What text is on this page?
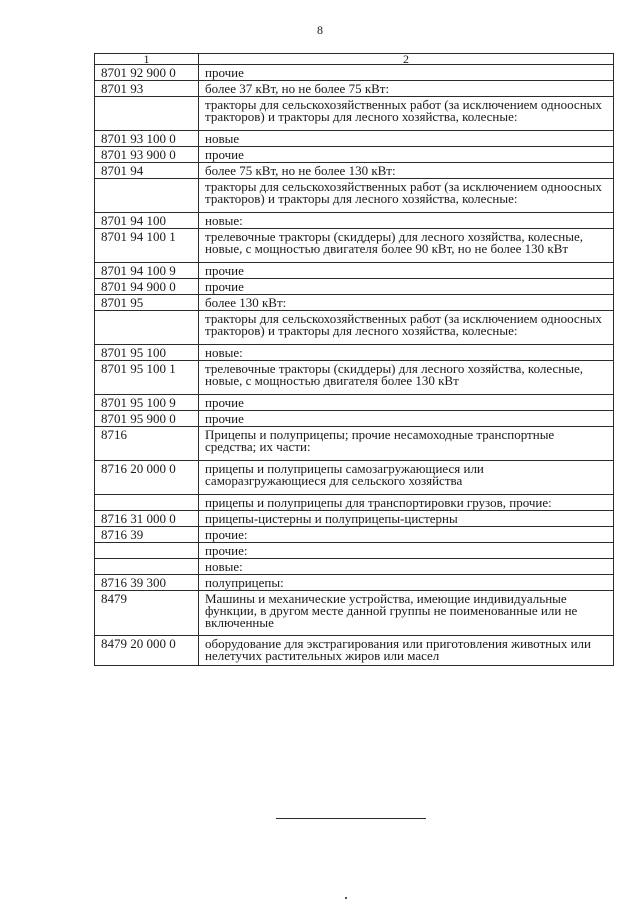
8
1	2
8701 92 900 0	прочие
8701 93	более 37 кВт, но не более 75 кВт:
	тракторы для сельскохозяйственных работ (за исключением одноосных тракторов) и тракторы для лесного хозяйства, колесные:
8701 93 100 0	новые
8701 93 900 0	прочие
8701 94	более 75 кВт, но не более 130 кВт:
	тракторы для сельскохозяйственных работ (за исключением одноосных тракторов) и тракторы для лесного хозяйства, колесные:
8701 94 100	новые:
8701 94 100 1	трелевочные тракторы (скиддеры) для лесного хозяйства, колесные, новые, с мощностью двигателя более 90 кВт, но не более 130 кВт
8701 94 100 9	прочие
8701 94 900 0	прочие
8701 95	более 130 кВт:
	тракторы для сельскохозяйственных работ (за исключением одноосных тракторов) и тракторы для лесного хозяйства, колесные:
8701 95 100	новые:
8701 95 100 1	трелевочные тракторы (скиддеры) для лесного хозяйства, колесные, новые, с мощностью двигателя более 130 кВт
8701 95 100 9	прочие
8701 95 900 0	прочие
8716	Прицепы и полуприцепы; прочие несамоходные транспортные средства; их части:
8716 20 000 0	прицепы и полуприцепы самозагружающиеся или саморазгружающиеся для сельского хозяйства
	прицепы и полуприцепы для транспортировки грузов, прочие:
8716 31 000 0	прицепы-цистерны и полуприцепы-цистерны
8716 39	прочие:
	прочие:
	новые:
8716 39 300	полуприцепы:
8479	Машины и механические устройства, имеющие индивидуальные функции, в другом месте данной группы не поименованные или не включенные
8479 20 000 0	оборудование для экстрагирования или приготовления животных или нелетучих растительных жиров или масел
